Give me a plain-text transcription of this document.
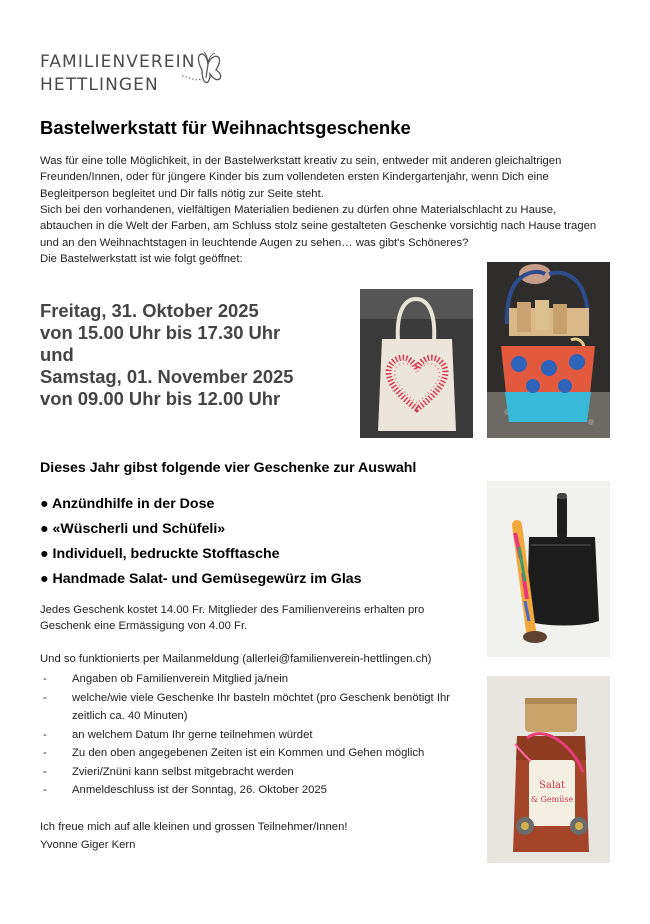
FAMILIENVEREIN
HETTLINGEN
Bastelwerkstatt für Weihnachtsgeschenke
Was für eine tolle Möglichkeit, in der Bastelwerkstatt kreativ zu sein, entweder mit anderen gleichaltrigen Freunden/Innen, oder für jüngere Kinder bis zum vollendeten ersten Kindergartenjahr, wenn Dich eine Begleitperson begleitet und Dir falls nötig zur Seite steht.
Sich bei den vorhandenen, vielfältigen Materialien bedienen zu dürfen ohne Materialschlacht zu Hause, abtauchen in die Welt der Farben, am Schluss stolz seine gestalteten Geschenke vorsichtig nach Hause tragen und an den Weihnachtstagen in leuchtende Augen zu sehen… was gibt's Schöneres?
Die Bastelwerkstatt ist wie folgt geöffnet:
Freitag, 31. Oktober 2025
von 15.00 Uhr bis 17.30 Uhr
und
Samstag, 01. November 2025
von 09.00 Uhr bis 12.00 Uhr
Dieses Jahr gibst folgende vier Geschenke zur Auswahl
● Anzündhilfe in der Dose
● «Wüscherli und Schüfeli»
● Individuell, bedruckte Stofftasche
● Handmade Salat- und Gemüsegewürz im Glas
Jedes Geschenk kostet 14.00 Fr. Mitglieder des Familienvereins erhalten pro Geschenk eine Ermässigung von 4.00 Fr.
Und so funktionierts per Mailanmeldung (allerlei@familienverein-hettlingen.ch)
- Angaben ob Familienverein Mitglied ja/nein
- welche/wie viele Geschenke Ihr basteln möchtet (pro Geschenk benötigt Ihr zeitlich ca. 40 Minuten)
- an welchem Datum Ihr gerne teilnehmen würdet
- Zu den oben angegebenen Zeiten ist ein Kommen und Gehen möglich
- Zvieri/Znüni kann selbst mitgebracht werden
- Anmeldeschluss ist der Sonntag, 26. Oktober 2025	Salat
& Gemüse
Ich freue mich auf alle kleinen und grossen Teilnehmer/Innen!
Yvonne Giger Kern
